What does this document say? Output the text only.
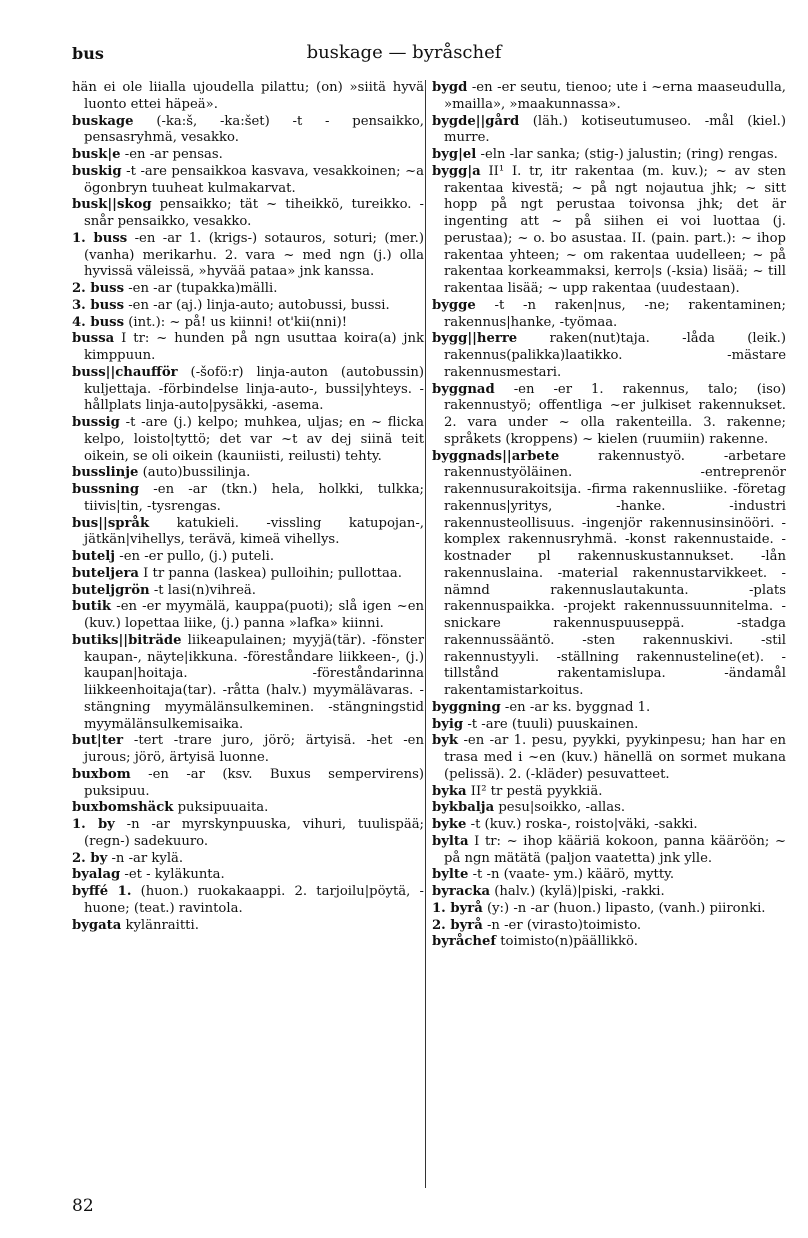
bus	buskage — byråschef

hän ei ole liialla ujoudella pilattu; (on) »siitä hyvä luonto ettei häpeä».

buskage (-ka:š, -ka:šet) -t - pensaikko, pensasryhmä, vesakko.

busk|e -en -ar pensas.

buskig -t -are pensaikkoa kasvava, vesakkoinen; ~a ögonbryn tuuheat kulmakarvat.

busk||skog pensaikko; tät ~ tiheikkö, tureikko. -snår pensaikko, vesakko.

1. buss -en -ar 1. (krigs-) sotauros, soturi; (mer.) (vanha) merikarhu. 2. vara ~ med ngn (j.) olla hyvissä väleissä, »hyvää pataa» jnk kanssa.

2. buss -en -ar (tupakka)mälli.

3. buss -en -ar (aj.) linja-auto; autobussi, bussi.

4. buss (int.): ~ på! us kiinni! ot'kii(nni)!

bussa I tr: ~ hunden på ngn usuttaa koira(a) jnk kimppuun.

buss||chaufför (-šofö:r) linja-auton (autobussin) kuljettaja. -förbindelse linja-auto-, bussi|yhteys. -hållplats linja-auto|pysäkki, -asema.

bussig -t -are (j.) kelpo; muhkea, uljas; en ~ flicka kelpo, loisto|tyttö; det var ~t av dej siinä teit oikein, se oli oikein (kauniisti, reilusti) tehty.

busslinje (auto)bussilinja.

bussning -en -ar (tkn.) hela, holkki, tulkka; tiivis|tin, -tysrengas.

bus||språk katukieli. -vissling katupojan-, jätkän|vihellys, terävä, kimeä vihellys.

butelj -en -er pullo, (j.) puteli.

buteljera I tr panna (laskea) pulloihin; pullottaa.

buteljgrön -t lasi(n)vihreä.

butik -en -er myymälä, kauppa(puoti); slå igen ~en (kuv.) lopettaa liike, (j.) panna »lafka» kiinni.

butiks||biträde liikeapulainen; myyjä(tär). -fönster kaupan-, näyte|ikkuna. -föreståndare liikkeen-, (j.) kaupan|hoitaja. -föreståndarinna liikkeenhoitaja(tar). -råtta (halv.) myymälävaras. -stängning myymälänsulkeminen. -stängningstid myymälänsulkemisaika.

but|ter -tert -trare juro, jörö; ärtyisä. -het -en jurous; jörö, ärtyisä luonne.

buxbom -en -ar (ksv. Buxus sempervirens) puksipuu.

buxbomshäck puksipuuaita.

1. by -n -ar myrskynpuuska, vihuri, tuulispää; (regn-) sadekuuro.

2. by -n -ar kylä.

byalag -et - kyläkunta.

byffé 1. (huon.) ruokakaappi. 2. tarjoilu|pöytä, -huone; (teat.) ravintola.

bygata kylänraitti.

bygd -en -er seutu, tienoo; ute i ~erna maaseudulla, »mailla», »maakunnassa».

bygde||gård (läh.) kotiseutumuseo. -mål (kiel.) murre.

byg|el -eln -lar sanka; (stig-) jalustin; (ring) rengas.

bygg|a II¹ I. tr, itr rakentaa (m. kuv.); ~ av sten rakentaa kivestä; ~ på ngt nojautua jhk; ~ sitt hopp på ngt perustaa toivonsa jhk; det är ingenting att ~ på siihen ei voi luottaa (j. perustaa); ~ o. bo asustaa. II. (pain. part.): ~ ihop rakentaa yhteen; ~ om rakentaa uudelleen; ~ på rakentaa korkeammaksi, kerro|s (-ksia) lisää; ~ till rakentaa lisää; ~ upp rakentaa (uudestaan).

bygge -t -n raken|nus, -ne; rakentaminen; rakennus|hanke, -työmaa.

bygg||herre raken(nut)taja. -låda (leik.) rakennus(palikka)laatikko. -mästare rakennusmestari.

byggnad -en -er 1. rakennus, talo; (iso) rakennustyö; offentliga ~er julkiset rakennukset. 2. vara under ~ olla rakenteilla. 3. rakenne; språkets (kroppens) ~ kielen (ruumiin) rakenne.

byggnads||arbete rakennustyö. -arbetare rakennustyöläinen. -entreprenör rakennusurakoitsija. -firma rakennusliike. -företag rakennus|yritys, -hanke. -industri rakennusteollisuus. -ingenjör rakennusinsinööri. -komplex rakennusryhmä. -konst rakennustaide. -kostnader pl rakennuskustannukset. -lån rakennuslaina. -material rakennustarvikkeet. -nämnd rakennuslautakunta. -plats rakennuspaikka. -projekt rakennussuunnitelma. -snickare rakennuspuuseppä. -stadga rakennussääntö. -sten rakennuskivi. -stil rakennustyyli. -ställning rakennusteline(et). -tillstånd rakentamislupa. -ändamål rakentamistarkoitus.

byggning -en -ar ks. byggnad 1.

byig -t -are (tuuli) puuskainen.

byk -en -ar 1. pesu, pyykki, pyykinpesu; han har en trasa med i ~en (kuv.) hänellä on sormet mukana (pelissä). 2. (-kläder) pesuvatteet.

byka II² tr pestä pyykkiä.

bykbalja pesu|soikko, -allas.

byke -t (kuv.) roska-, roisto|väki, -sakki.

bylta I tr: ~ ihop kääriä kokoon, panna kääröön; ~ på ngn mätätä (paljon vaatetta) jnk ylle.

bylte -t -n (vaate- ym.) käärö, mytty.

byracka (halv.) (kylä)|piski, -rakki.

1. byrå (y:) -n -ar (huon.) lipasto, (vanh.) piironki.

2. byrå -n -er (virasto)toimisto.

byråchef toimisto(n)päällikkö.

82
